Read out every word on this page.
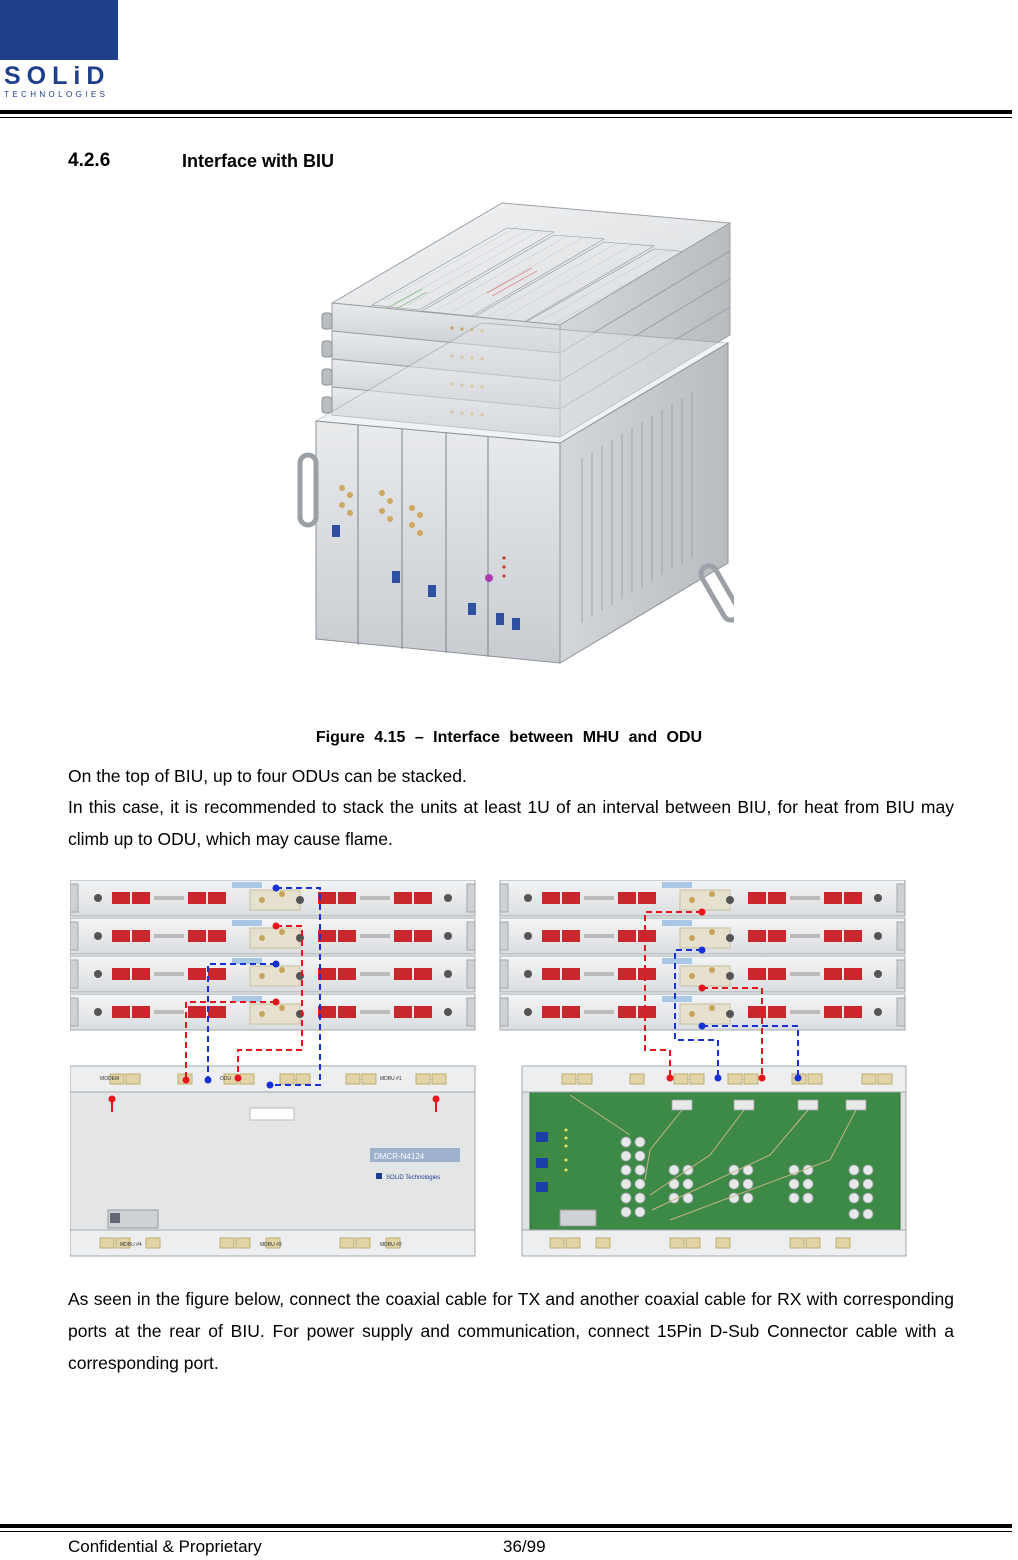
SOLiD
TECHNOLOGIES
4.2.6	Interface with BIU
Figure 4.15 – Interface between MHU and ODU
On the top of BIU, up to four ODUs can be stacked.
In this case, it is recommended to stack the units at least 1U of an interval between BIU, for heat from BIU may climb up to ODU, which may cause flame.
DMCR-N4124
SOLiD Technologies
MODEM	ODU	MDBU #1
MDBU #4	MDBU #3	MDBU #2
As seen in the figure below, connect the coaxial cable for TX and another coaxial cable for RX with corresponding ports at the rear of BIU. For power supply and communication, connect 15Pin D-Sub Connector cable with a corresponding port.
Confidential & Proprietary	36/99
